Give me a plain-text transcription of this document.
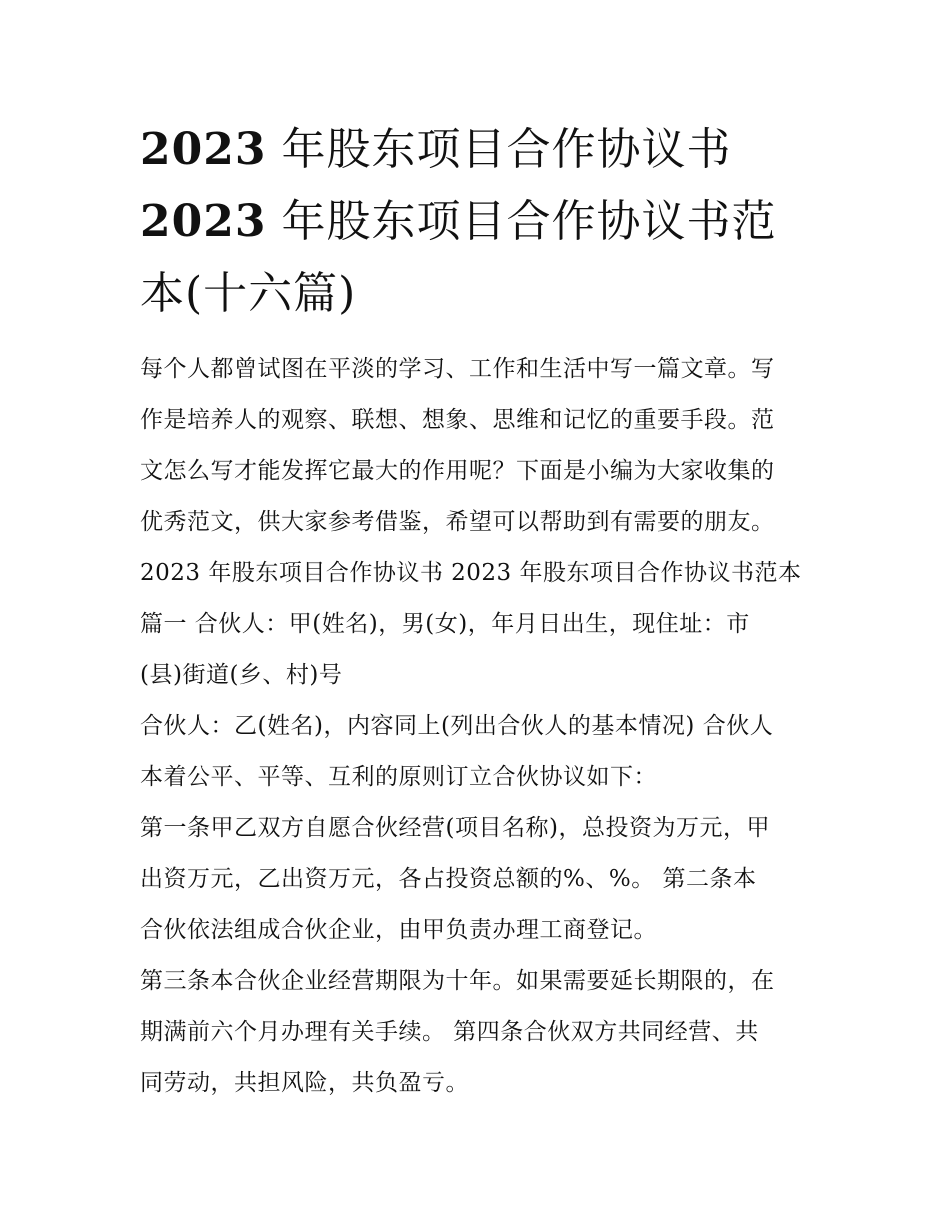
2023 年股东项目合作协议书
2023 年股东项目合作协议书范
本(十六篇)

每个人都曾试图在平淡的学习、工作和生活中写一篇文章。写
作是培养人的观察、联想、想象、思维和记忆的重要手段。范
文怎么写才能发挥它最大的作用呢？下面是小编为大家收集的
优秀范文，供大家参考借鉴，希望可以帮助到有需要的朋友。

2023 年股东项目合作协议书 2023 年股东项目合作协议书范本
篇一 合伙人：甲(姓名)，男(女)，年月日出生，现住址：市
(县)街道(乡、村)号

合伙人：乙(姓名)，内容同上(列出合伙人的基本情况) 合伙人
本着公平、平等、互利的原则订立合伙协议如下：

第一条甲乙双方自愿合伙经营(项目名称)，总投资为万元，甲
出资万元，乙出资万元，各占投资总额的%、%。 第二条本
合伙依法组成合伙企业，由甲负责办理工商登记。

第三条本合伙企业经营期限为十年。如果需要延长期限的，在
期满前六个月办理有关手续。 第四条合伙双方共同经营、共
同劳动，共担风险，共负盈亏。
